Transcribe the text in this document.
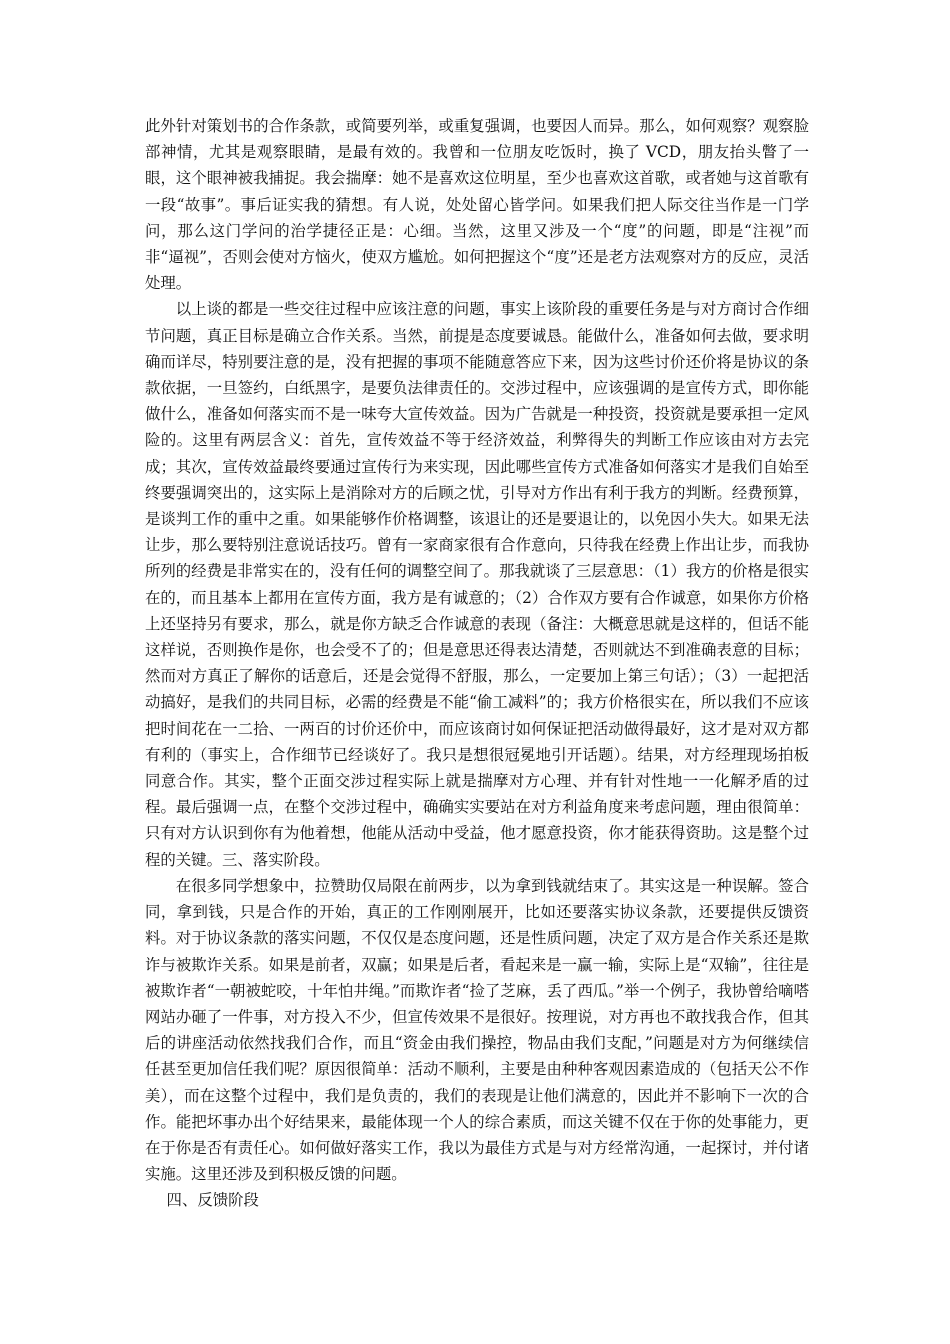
此外针对策划书的合作条款，或简要列举，或重复强调，也要因人而异。那么，如何观察？观察脸部神情，尤其是观察眼睛，是最有效的。我曾和一位朋友吃饭时，换了 VCD，朋友抬头瞥了一眼，这个眼神被我捕捉。我会揣摩：她不是喜欢这位明星，至少也喜欢这首歌，或者她与这首歌有一段“故事”。事后证实我的猜想。有人说，处处留心皆学问。如果我们把人际交往当作是一门学问，那么这门学问的治学捷径正是：心细。当然，这里又涉及一个“度”的问题，即是“注视”而非“逼视”，否则会使对方恼火，使双方尴尬。如何把握这个“度”还是老方法观察对方的反应，灵活处理。

以上谈的都是一些交往过程中应该注意的问题，事实上该阶段的重要任务是与对方商讨合作细节问题，真正目标是确立合作关系。当然，前提是态度要诚恳。能做什么，准备如何去做，要求明确而详尽，特别要注意的是，没有把握的事项不能随意答应下来，因为这些讨价还价将是协议的条款依据，一旦签约，白纸黑字，是要负法律责任的。交涉过程中，应该强调的是宣传方式，即你能做什么，准备如何落实而不是一味夸大宣传效益。因为广告就是一种投资，投资就是要承担一定风险的。这里有两层含义：首先，宣传效益不等于经济效益，利弊得失的判断工作应该由对方去完成；其次，宣传效益最终要通过宣传行为来实现，因此哪些宣传方式准备如何落实才是我们自始至终要强调突出的，这实际上是消除对方的后顾之忧，引导对方作出有利于我方的判断。经费预算，是谈判工作的重中之重。如果能够作价格调整，该退让的还是要退让的，以免因小失大。如果无法让步，那么要特别注意说话技巧。曾有一家商家很有合作意向，只待我在经费上作出让步，而我协所列的经费是非常实在的，没有任何的调整空间了。那我就谈了三层意思：（1）我方的价格是很实在的，而且基本上都用在宣传方面，我方是有诚意的；（2）合作双方要有合作诚意，如果你方价格上还坚持另有要求，那么，就是你方缺乏合作诚意的表现（备注：大概意思就是这样的，但话不能这样说，否则换作是你，也会受不了的；但是意思还得表达清楚，否则就达不到准确表意的目标；然而对方真正了解你的话意后，还是会觉得不舒服，那么，一定要加上第三句话）；（3）一起把活动搞好，是我们的共同目标，必需的经费是不能“偷工减料”的；我方价格很实在，所以我们不应该把时间花在一二拾、一两百的讨价还价中，而应该商讨如何保证把活动做得最好，这才是对双方都有利的（事实上，合作细节已经谈好了。我只是想很冠冕地引开话题）。结果，对方经理现场拍板同意合作。其实，整个正面交涉过程实际上就是揣摩对方心理、并有针对性地一一化解矛盾的过程。最后强调一点，在整个交涉过程中，确确实实要站在对方利益角度来考虑问题，理由很简单：只有对方认识到你有为他着想，他能从活动中受益，他才愿意投资，你才能获得资助。这是整个过程的关键。三、落实阶段。

在很多同学想象中，拉赞助仅局限在前两步，以为拿到钱就结束了。其实这是一种误解。签合同，拿到钱，只是合作的开始，真正的工作刚刚展开，比如还要落实协议条款，还要提供反馈资料。对于协议条款的落实问题，不仅仅是态度问题，还是性质问题，决定了双方是合作关系还是欺诈与被欺诈关系。如果是前者，双赢；如果是后者，看起来是一赢一输，实际上是“双输”，往往是被欺诈者“一朝被蛇咬，十年怕井绳。”而欺诈者“捡了芝麻，丢了西瓜。”举一个例子，我协曾给嘀嗒网站办砸了一件事，对方投入不少，但宣传效果不是很好。按理说，对方再也不敢找我合作，但其后的讲座活动依然找我们合作，而且“资金由我们操控，物品由我们支配，”问题是对方为何继续信任甚至更加信任我们呢？原因很简单：活动不顺利，主要是由种种客观因素造成的（包括天公不作美），而在这整个过程中，我们是负责的，我们的表现是让他们满意的，因此并不影响下一次的合作。能把坏事办出个好结果来，最能体现一个人的综合素质，而这关键不仅在于你的处事能力，更在于你是否有责任心。如何做好落实工作，我以为最佳方式是与对方经常沟通，一起探讨，并付诸实施。这里还涉及到积极反馈的问题。

四、反馈阶段
